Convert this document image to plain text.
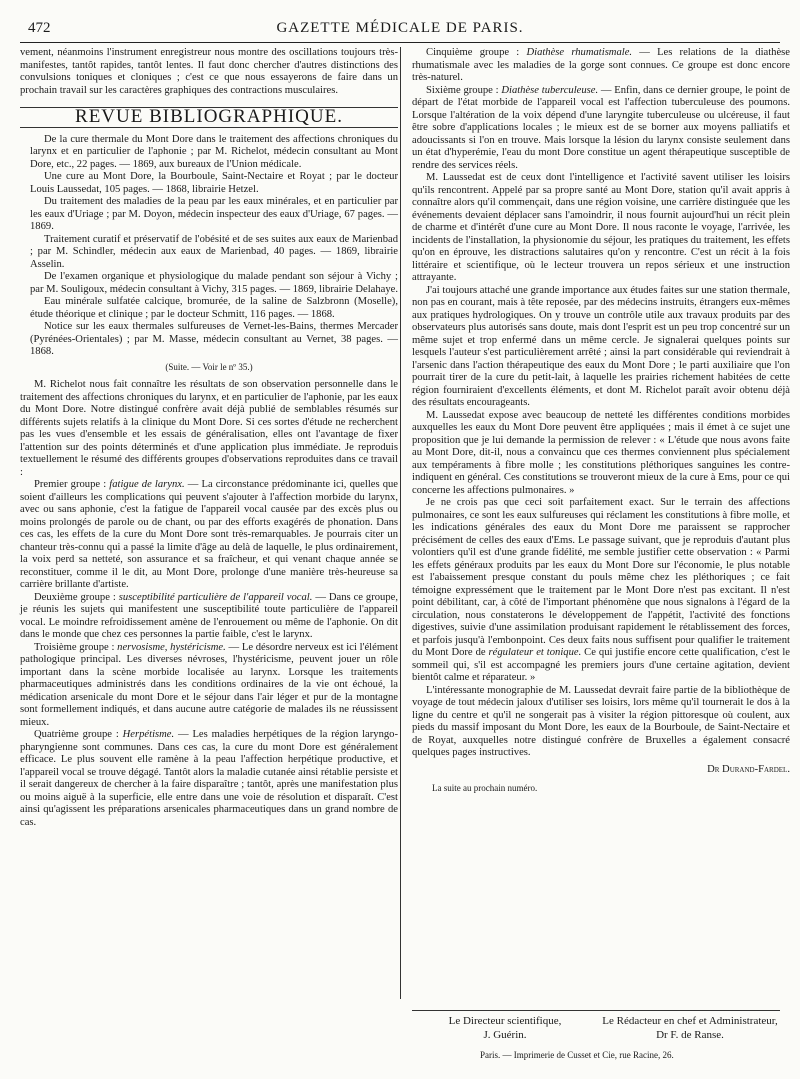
472	GAZETTE MÉDICALE DE PARIS.

vement, néanmoins l'instrument enregistreur nous montre des oscillations toujours très-manifestes, tantôt rapides, tantôt lentes. Il faut donc chercher d'autres distinctions des convulsions toniques et cloniques ; c'est ce que nous essayerons de faire dans un prochain travail sur les caractères graphiques des contractions musculaires.

REVUE BIBLIOGRAPHIQUE.

De la cure thermale du Mont Dore dans le traitement des affections chroniques du larynx et en particulier de l'aphonie ; par M. Richelot, médecin consultant au Mont Dore, etc., 22 pages. — 1869, aux bureaux de l'Union médicale.

Une cure au Mont Dore, la Bourboule, Saint-Nectaire et Royat ; par le docteur Louis Laussedat, 105 pages. — 1868, librairie Hetzel.

Du traitement des maladies de la peau par les eaux minérales, et en particulier par les eaux d'Uriage ; par M. Doyon, médecin inspecteur des eaux d'Uriage, 67 pages. — 1869.

Traitement curatif et préservatif de l'obésité et de ses suites aux eaux de Marienbad ; par M. Schindler, médecin aux eaux de Marienbad, 40 pages. — 1869, librairie Asselin.

De l'examen organique et physiologique du malade pendant son séjour à Vichy ; par M. Souligoux, médecin consultant à Vichy, 315 pages. — 1869, librairie Delahaye.

Eau minérale sulfatée calcique, bromurée, de la saline de Salzbronn (Moselle), étude théorique et clinique ; par le docteur Schmitt, 116 pages. — 1868.

Notice sur les eaux thermales sulfureuses de Vernet-les-Bains, thermes Mercader (Pyrénées-Orientales) ; par M. Masse, médecin consultant au Vernet, 38 pages. — 1868.

(Suite. — Voir le nº 35.)

M. Richelot nous fait connaître les résultats de son observation personnelle dans le traitement des affections chroniques du larynx, et en particulier de l'aphonie, par les eaux du Mont Dore. Notre distingué confrère avait déjà publié de semblables résumés sur différents sujets relatifs à la clinique du Mont Dore. Si ces sortes d'étude ne recherchent pas les vues d'ensemble et les essais de généralisation, elles ont l'avantage de fixer l'attention sur des points déterminés et d'une application plus immédiate. Je reproduis textuellement le résumé des différents groupes d'observations reproduites dans ce travail :

Premier groupe : fatigue de larynx. — La circonstance prédominante ici, quelles que soient d'ailleurs les complications qui peuvent s'ajouter à l'affection morbide du larynx, avec ou sans aphonie, c'est la fatigue de l'appareil vocal causée par des excès plus ou moins prolongés de parole ou de chant, ou par des efforts exagérés de phonation. Dans ces cas, les effets de la cure du Mont Dore sont très-remarquables. Je pourrais citer un chanteur très-connu qui a passé la limite d'âge au delà de laquelle, le plus ordinairement, la voix perd sa netteté, son assurance et sa fraîcheur, et qui venant chaque année se reconstituer, comme il le dit, au Mont Dore, prolonge d'une manière très-heureuse sa carrière brillante d'artiste.

Deuxième groupe : susceptibilité particulière de l'appareil vocal. — Dans ce groupe, je réunis les sujets qui manifestent une susceptibilité toute particulière de l'appareil vocal. Le moindre refroidissement amène de l'enrouement ou même de l'aphonie. On dit dans le monde que chez ces personnes la partie faible, c'est le larynx.

Troisième groupe : nervosisme, hystéricisme. — Le désordre nerveux est ici l'élément pathologique principal. Les diverses névroses, l'hystéricisme, peuvent jouer un rôle important dans la scène morbide localisée au larynx. Lorsque les traitements pharmaceutiques administrés dans les conditions ordinaires de la vie ont échoué, la médication arsenicale du mont Dore et le séjour dans l'air léger et pur de la montagne sont formellement indiqués, et dans aucune autre catégorie de malades ils ne réussissent mieux.

Quatrième groupe : Herpétisme. — Les maladies herpétiques de la région laryngo-pharyngienne sont communes. Dans ces cas, la cure du mont Dore est généralement efficace. Le plus souvent elle ramène à la peau l'affection herpétique productive, et l'appareil vocal se trouve dégagé. Tantôt alors la maladie cutanée ainsi rétablie persiste et il serait dangereux de chercher à la faire disparaître ; tantôt, après une manifestation plus ou moins aiguë à la superficie, elle entre dans une voie de résolution et disparaît. C'est ainsi qu'agissent les préparations arsenicales pharmaceutiques dans un grand nombre de cas.

Cinquième groupe : Diathèse rhumatismale. — Les relations de la diathèse rhumatismale avec les maladies de la gorge sont connues. Ce groupe est donc encore très-naturel.

Sixième groupe : Diathèse tuberculeuse. — Enfin, dans ce dernier groupe, le point de départ de l'état morbide de l'appareil vocal est l'affection tuberculeuse des poumons. Lorsque l'altération de la voix dépend d'une laryngite tuberculeuse ou ulcéreuse, il faut être sobre d'applications locales ; le mieux est de se borner aux moyens palliatifs et adoucissants si l'on en trouve. Mais lorsque la lésion du larynx consiste seulement dans un état d'hyperémie, l'eau du mont Dore constitue un agent thérapeutique susceptible de rendre des services réels.

M. Laussedat est de ceux dont l'intelligence et l'activité savent utiliser les loisirs qu'ils rencontrent. Appelé par sa propre santé au Mont Dore, station qu'il avait appris à connaître alors qu'il commençait, dans une région voisine, une carrière distinguée que les événements devaient déplacer sans l'amoindrir, il nous fournit aujourd'hui un récit plein de charme et d'intérêt d'une cure au Mont Dore. Il nous raconte le voyage, l'arrivée, les incidents de l'installation, la physionomie du séjour, les pratiques du traitement, les effets qu'on en éprouve, les distractions salutaires qu'on y rencontre. C'est un récit à la fois littéraire et scientifique, où le lecteur trouvera un repos sérieux et une instruction attrayante.

J'ai toujours attaché une grande importance aux études faites sur une station thermale, non pas en courant, mais à tête reposée, par des médecins instruits, étrangers eux-mêmes aux pratiques hydrologiques. On y trouve un contrôle utile aux travaux produits par des observateurs plus autorisés sans doute, mais dont l'esprit est un peu trop concentré sur un même sujet et trop enfermé dans un même cercle. Je signalerai quelques points sur lesquels l'auteur s'est particulièrement arrêté ; ainsi la part considérable qui reviendrait à l'arsenic dans l'action thérapeutique des eaux du Mont Dore ; le parti auxiliaire que l'on pourrait tirer de la cure du petit-lait, à laquelle les prairies richement habitées de cette région fourniraient d'excellents éléments, et dont M. Richelot paraît avoir obtenu déjà des résultats encourageants.

M. Laussedat expose avec beaucoup de netteté les différentes conditions morbides auxquelles les eaux du Mont Dore peuvent être appliquées ; mais il émet à ce sujet une proposition que je lui demande la permission de relever : « L'étude que nous avons faite au Mont Dore, dit-il, nous a convaincu que ces thermes conviennent plus spécialement aux tempéraments à fibre molle ; les constitutions pléthoriques sanguines les contre-indiquent en général. Ces constitutions se trouveront mieux de la cure à Ems, pour ce qui concerne les affections pulmonaires. »

Je ne crois pas que ceci soit parfaitement exact. Sur le terrain des affections pulmonaires, ce sont les eaux sulfureuses qui réclament les constitutions à fibre molle, et les indications générales des eaux du Mont Dore me paraissent se rapprocher précisément de celles des eaux d'Ems. Le passage suivant, que je reproduis d'autant plus volontiers qu'il est d'une grande fidélité, me semble justifier cette observation : « Parmi les effets généraux produits par les eaux du Mont Dore sur l'économie, le plus notable est l'abaissement presque constant du pouls même chez les pléthoriques ; ce fait témoigne expressément que le traitement par le Mont Dore n'est pas excitant. Il n'est point débilitant, car, à côté de l'important phénomène que nous signalons à l'égard de la circulation, nous constaterons le développement de l'appétit, l'activité des fonctions digestives, suivie d'une assimilation produisant rapidement le rétablissement des forces, et parfois jusqu'à l'embonpoint. Ces deux faits nous suffisent pour qualifier le traitement du Mont Dore de régulateur et tonique. Ce qui justifie encore cette qualification, c'est le sommeil qui, s'il est accompagné les premiers jours d'une certaine agitation, devient bientôt calme et réparateur. »

L'intéressante monographie de M. Laussedat devrait faire partie de la bibliothèque de voyage de tout médecin jaloux d'utiliser ses loisirs, lors même qu'il tournerait le dos à la ligne du centre et qu'il ne songerait pas à visiter la région pittoresque où coulent, aux pieds du massif imposant du Mont Dore, les eaux de la Bourboule, de Saint-Nectaire et de Royat, auxquelles notre distingué confrère de Bruxelles a également consacré quelques pages instructives.

Dr Durand-Fardel.
La suite au prochain numéro.
Le Directeur scientifique,
J. Guérin.
Le Rédacteur en chef et Administrateur,
Dr F. de Ranse.
Paris. — Imprimerie de Cusset et Cie, rue Racine, 26.
